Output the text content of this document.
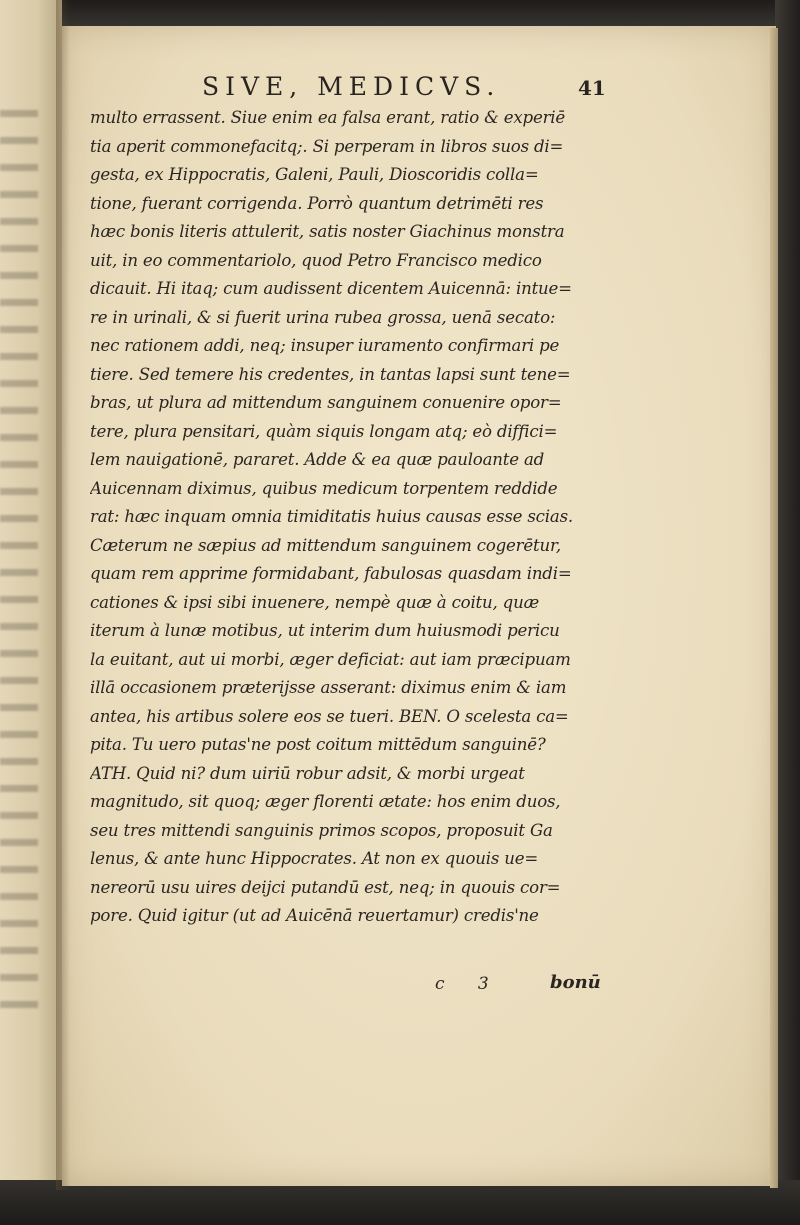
SIVE, MEDICVS.	41
multo errassent. Siue enim ea falsa erant, ratio & experiē
tia aperit commonefacitq;. Si perperam in libros suos di=
gesta, ex Hippocratis, Galeni, Pauli, Dioscoridis colla=
tione, fuerant corrigenda. Porrò quantum detrimēti res
hæc bonis literis attulerit, satis noster Giachinus monstra
uit, in eo commentariolo, quod Petro Francisco medico
dicauit. Hi itaq; cum audissent dicentem Auicennā: intue=
re in urinali, & si fuerit urina rubea grossa, uenā secato:
nec rationem addi, neq; insuper iuramento confirmari pe
tiere. Sed temere his credentes, in tantas lapsi sunt tene=
bras, ut plura ad mittendum sanguinem conuenire opor=
tere, plura pensitari, quàm siquis longam atq; eò diffici=
lem nauigationē, pararet. Adde & ea quæ pauloante ad
Auicennam diximus, quibus medicum torpentem reddide
rat: hæc inquam omnia timiditatis huius causas esse scias.
Cæterum ne sæpius ad mittendum sanguinem cogerētur,
quam rem apprime formidabant, fabulosas quasdam indi=
cationes & ipsi sibi inuenere, nempè quæ à coitu, quæ
iterum à lunæ motibus, ut interim dum huiusmodi pericu
la euitant, aut ui morbi, æger deficiat: aut iam præcipuam
illā occasionem præterijsse asserant: diximus enim & iam
antea, his artibus solere eos se tueri. BEN. O scelesta ca=
pita. Tu uero putas'ne post coitum mittēdum sanguinē?
ATH. Quid ni? dum uiriū robur adsit, & morbi urgeat
magnitudo, sit quoq; æger florenti ætate: hos enim duos,
seu tres mittendi sanguinis primos scopos, proposuit Ga
lenus, & ante hunc Hippocrates. At non ex quouis ue=
nereorū usu uires deijci putandū est, neq; in quouis cor=
pore. Quid igitur (ut ad Auicēnā reuertamur) credis'ne
c 3	bonū
